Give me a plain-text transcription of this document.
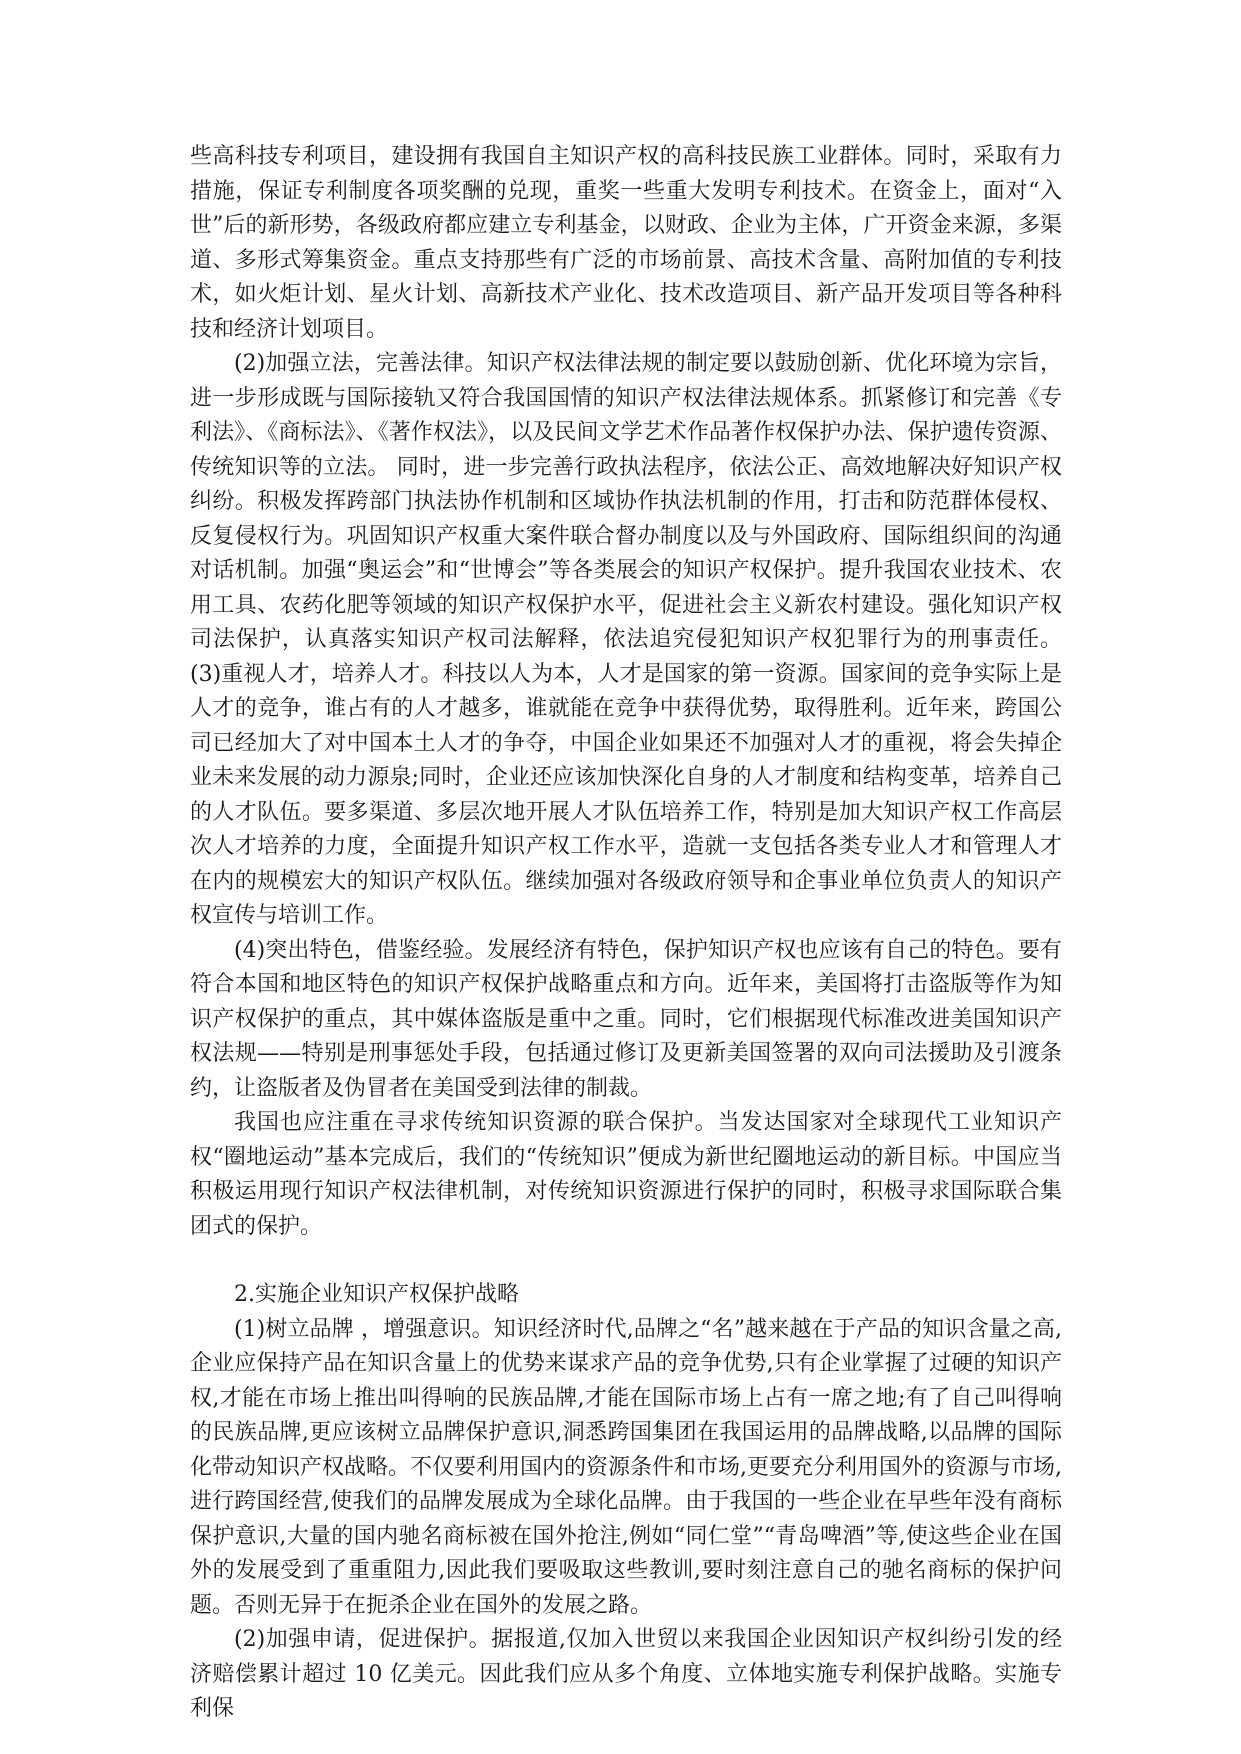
些高科技专利项目，建设拥有我国自主知识产权的高科技民族工业群体。同时，采取有力措施，保证专利制度各项奖酬的兑现，重奖一些重大发明专利技术。在资金上，面对“入世”后的新形势，各级政府都应建立专利基金，以财政、企业为主体，广开资金来源，多渠道、多形式筹集资金。重点支持那些有广泛的市场前景、高技术含量、高附加值的专利技术，如火炬计划、星火计划、高新技术产业化、技术改造项目、新产品开发项目等各种科技和经济计划项目。

(2)加强立法，完善法律。知识产权法律法规的制定要以鼓励创新、优化环境为宗旨，进一步形成既与国际接轨又符合我国国情的知识产权法律法规体系。抓紧修订和完善《专利法》、《商标法》、《著作权法》，以及民间文学艺术作品著作权保护办法、保护遗传资源、传统知识等的立法。 同时，进一步完善行政执法程序，依法公正、高效地解决好知识产权纠纷。积极发挥跨部门执法协作机制和区域协作执法机制的作用，打击和防范群体侵权、反复侵权行为。巩固知识产权重大案件联合督办制度以及与外国政府、国际组织间的沟通对话机制。加强“奥运会”和“世博会”等各类展会的知识产权保护。提升我国农业技术、农用工具、农药化肥等领域的知识产权保护水平，促进社会主义新农村建设。强化知识产权司法保护，认真落实知识产权司法解释，依法追究侵犯知识产权犯罪行为的刑事责任。 (3)重视人才，培养人才。科技以人为本，人才是国家的第一资源。国家间的竞争实际上是人才的竞争，谁占有的人才越多，谁就能在竞争中获得优势，取得胜利。近年来，跨国公司已经加大了对中国本土人才的争夺，中国企业如果还不加强对人才的重视，将会失掉企业未来发展的动力源泉;同时，企业还应该加快深化自身的人才制度和结构变革，培养自己的人才队伍。要多渠道、多层次地开展人才队伍培养工作，特别是加大知识产权工作高层次人才培养的力度，全面提升知识产权工作水平，造就一支包括各类专业人才和管理人才在内的规模宏大的知识产权队伍。继续加强对各级政府领导和企事业单位负责人的知识产权宣传与培训工作。

(4)突出特色，借鉴经验。发展经济有特色，保护知识产权也应该有自己的特色。要有符合本国和地区特色的知识产权保护战略重点和方向。近年来，美国将打击盗版等作为知识产权保护的重点，其中媒体盗版是重中之重。同时，它们根据现代标准改进美国知识产权法规——特别是刑事惩处手段，包括通过修订及更新美国签署的双向司法援助及引渡条约，让盗版者及伪冒者在美国受到法律的制裁。

我国也应注重在寻求传统知识资源的联合保护。当发达国家对全球现代工业知识产权“圈地运动”基本完成后，我们的“传统知识”便成为新世纪圈地运动的新目标。中国应当积极运用现行知识产权法律机制，对传统知识资源进行保护的同时，积极寻求国际联合集团式的保护。

2.实施企业知识产权保护战略

(1)树立品牌 ，增强意识。知识经济时代,品牌之“名”越来越在于产品的知识含量之高,企业应保持产品在知识含量上的优势来谋求产品的竞争优势,只有企业掌握了过硬的知识产权,才能在市场上推出叫得响的民族品牌,才能在国际市场上占有一席之地;有了自己叫得响的民族品牌,更应该树立品牌保护意识,洞悉跨国集团在我国运用的品牌战略,以品牌的国际化带动知识产权战略。不仅要利用国内的资源条件和市场,更要充分利用国外的资源与市场,进行跨国经营,使我们的品牌发展成为全球化品牌。由于我国的一些企业在早些年没有商标保护意识,大量的国内驰名商标被在国外抢注,例如“同仁堂”“青岛啤酒”等,使这些企业在国外的发展受到了重重阻力,因此我们要吸取这些教训,要时刻注意自己的驰名商标的保护问题。否则无异于在扼杀企业在国外的发展之路。

(2)加强申请，促进保护。据报道,仅加入世贸以来我国企业因知识产权纠纷引发的经济赔偿累计超过 10 亿美元。因此我们应从多个角度、立体地实施专利保护战略。实施专利保
